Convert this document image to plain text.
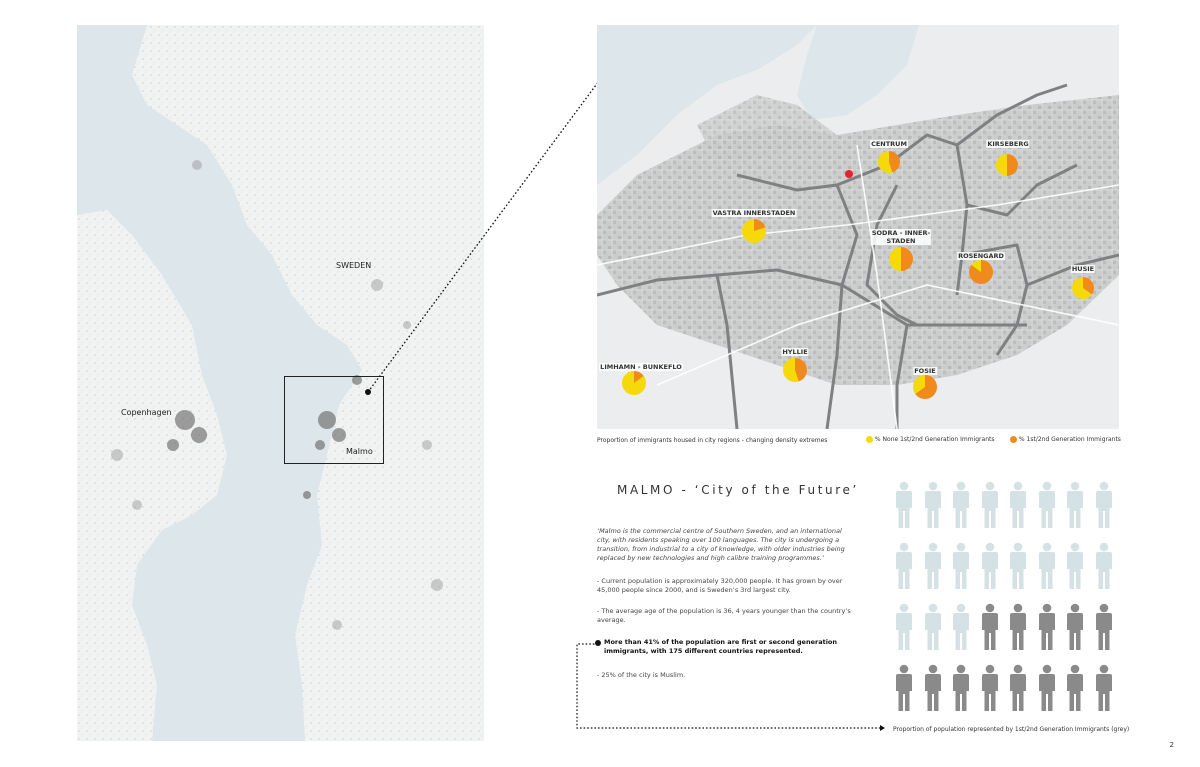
SWEDEN
Copenhagen
Malmo
CENTRUM	KIRSEBERG
VASTRA INNERSTADEN
SODRA - INNER-
STADEN
ROSENGARD
HUSIE
LIMHAMN - BUNKEFLO
HYLLIE
FOSIE
Proportion of immigrants housed in city regions - changing density extremes	% None 1st/2nd Generation Immigrants	% 1st/2nd Generation Immigrants
MALMO - ‘City of the Future’
‘Malmo is the commercial centre of Southern Sweden, and an international city, with residents speaking over 100 languages. The city is undergoing a transition, from industrial to a city of knowledge, with older industries being replaced by new technologies and high calibre training programmes.’
- Current population is approximately 320,000 people. It has grown by over 45,000 people since 2000, and is Sweden’s 3rd largest city.
- The average age of the population is 36, 4 years younger than the country’s average.
More than 41% of the population are first or second generation immigrants, with 175 different countries represented.
- 25% of the city is Muslim.
Proportion of population represented by 1st/2nd Generation Immigrants (grey)
2
